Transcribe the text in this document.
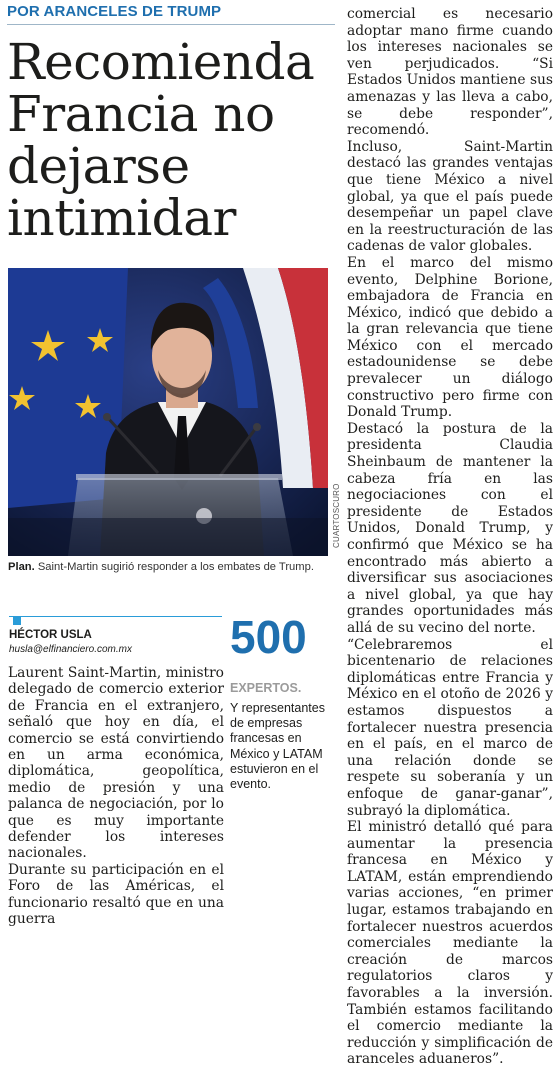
POR ARANCELES DE TRUMP
Recomienda Francia no dejarse intimidar
CUARTOSCURO
Plan. Saint-Martin sugirió responder a los embates de Trump.
HÉCTOR USLA
husla@elfinanciero.com.mx

Laurent Saint-Martin, ministro delegado de comercio exterior de Francia en el extranjero, señaló que hoy en día, el comercio se está convirtiendo en un arma económica, diplomática, geopolítica, medio de presión y una palanca de negociación, por lo que es muy importante defender los intereses nacionales.

Durante su participación en el Foro de las Américas, el funcionario resaltó que en una guerra

500
EXPERTOS.
Y representantes de empresas francesas en México y LATAM estuvieron en el evento.

comercial es necesario adoptar mano firme cuando los intereses nacionales se ven perjudicados. “Si Estados Unidos mantiene sus amenazas y las lleva a cabo, se debe responder”, recomendó.

Incluso, Saint-Martin destacó las grandes ventajas que tiene México a nivel global, ya que el país puede desempeñar un papel clave en la reestructuración de las cadenas de valor globales.

En el marco del mismo evento, Delphine Borione, embajadora de Francia en México, indicó que debido a la gran relevancia que tiene México con el mercado estadounidense se debe prevalecer un diálogo constructivo pero firme con Donald Trump.

Destacó la postura de la presidenta Claudia Sheinbaum de mantener la cabeza fría en las negociaciones con el presidente de Estados Unidos, Donald Trump, y confirmó que México se ha encontrado más abierto a diversificar sus asociaciones a nivel global, ya que hay grandes oportunidades más allá de su vecino del norte.

“Celebraremos el bicentenario de relaciones diplomáticas entre Francia y México en el otoño de 2026 y estamos dispuestos a fortalecer nuestra presencia en el país, en el marco de una relación donde se respete su soberanía y un enfoque de ganar-ganar”, subrayó la diplomática.

El ministró detalló qué para aumentar la presencia francesa en México y LATAM, están emprendiendo varias acciones, “en primer lugar, estamos trabajando en fortalecer nuestros acuerdos comerciales mediante la creación de marcos regulatorios claros y favorables a la inversión. También estamos facilitando el comercio mediante la reducción y simplificación de aranceles aduaneros”.
